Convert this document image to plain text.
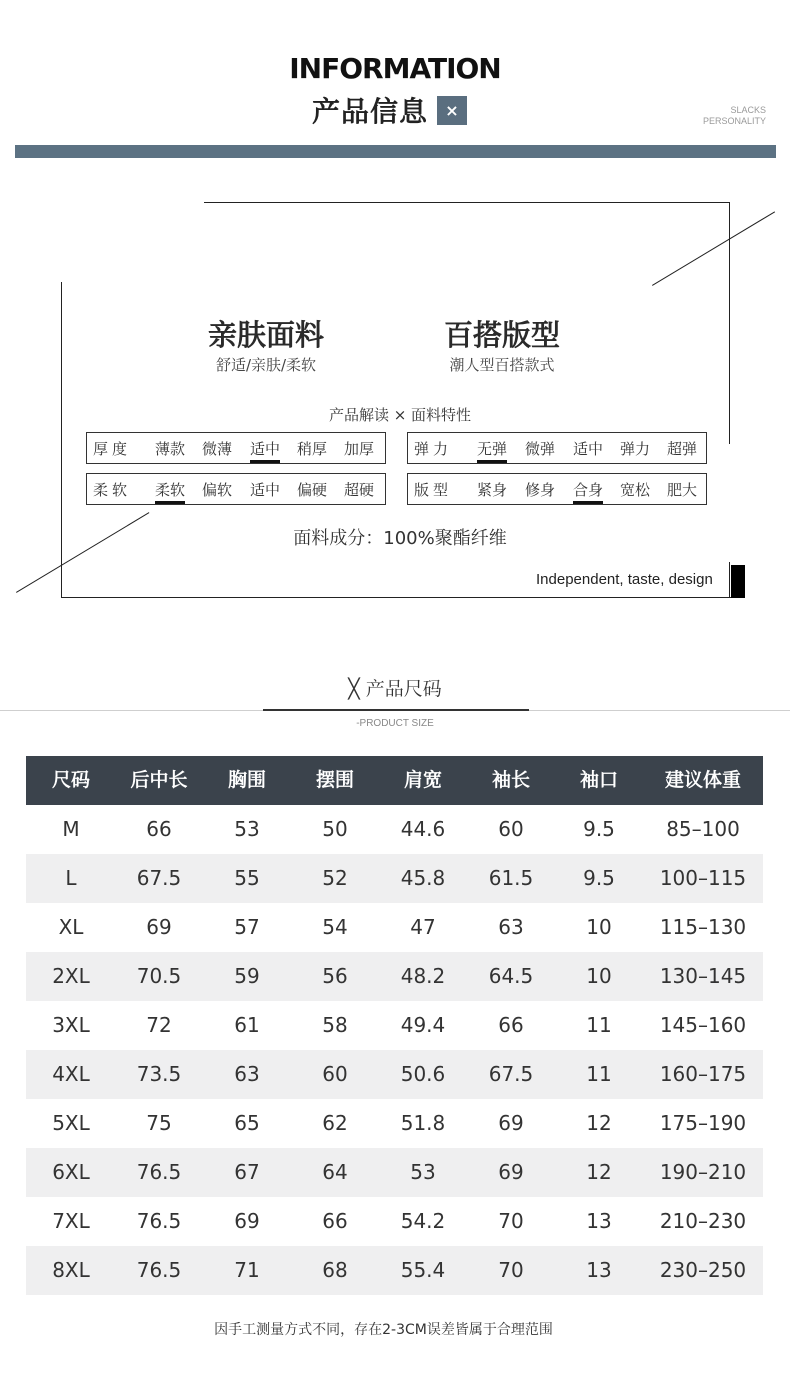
INFORMATION
产品信息	×	SLACKS
PERSONALITY
亲肤面料
舒适/亲肤/柔软
百搭版型
潮人型百搭款式
产品解读 × 面料特性
厚度 薄款 微薄 适中 稍厚 加厚	弹力 无弹 微弹 适中 弹力 超弹
柔软 柔软 偏软 适中 偏硬 超硬	版型 紧身 修身 合身 宽松 肥大
面料成分：100%聚酯纤维
Independent, taste, design
╳ 产品尺码
-PRODUCT SIZE
尺码	后中长	胸围	摆围	肩宽	袖长	袖口	建议体重
M	66	53	50	44.6	60	9.5	85–100
L	67.5	55	52	45.8	61.5	9.5	100–115
XL	69	57	54	47	63	10	115–130
2XL	70.5	59	56	48.2	64.5	10	130–145
3XL	72	61	58	49.4	66	11	145–160
4XL	73.5	63	60	50.6	67.5	11	160–175
5XL	75	65	62	51.8	69	12	175–190
6XL	76.5	67	64	53	69	12	190–210
7XL	76.5	69	66	54.2	70	13	210–230
8XL	76.5	71	68	55.4	70	13	230–250
因手工测量方式不同，存在2-3CM误差皆属于合理范围
